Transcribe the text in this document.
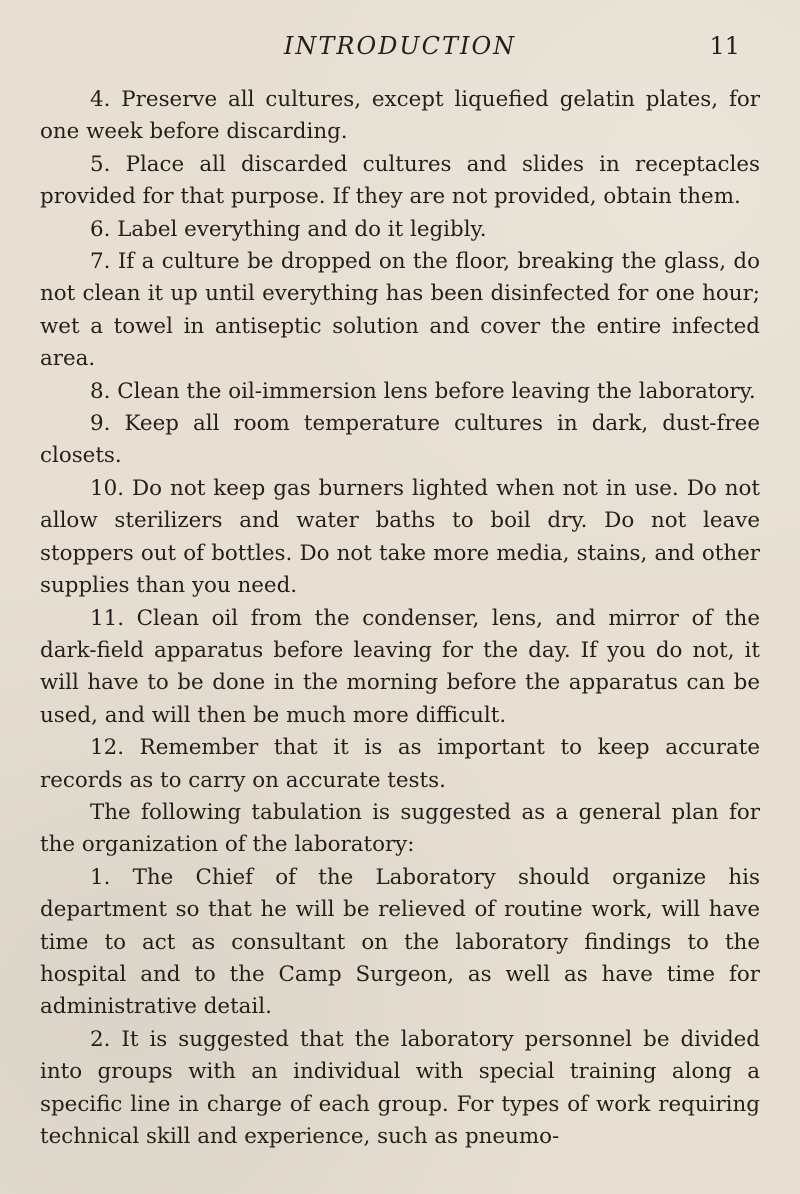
INTRODUCTION	11

4. Preserve all cultures, except liquefied gelatin plates, for one week before discarding.

5. Place all discarded cultures and slides in receptacles provided for that purpose. If they are not provided, obtain them.

6. Label everything and do it legibly.

7. If a culture be dropped on the floor, breaking the glass, do not clean it up until everything has been disinfected for one hour; wet a towel in antiseptic solution and cover the entire infected area.

8. Clean the oil-immersion lens before leaving the laboratory.

9. Keep all room temperature cultures in dark, dust-free closets.

10. Do not keep gas burners lighted when not in use. Do not allow sterilizers and water baths to boil dry. Do not leave stoppers out of bottles. Do not take more media, stains, and other supplies than you need.

11. Clean oil from the condenser, lens, and mirror of the dark-field apparatus before leaving for the day. If you do not, it will have to be done in the morning before the apparatus can be used, and will then be much more difficult.

12. Remember that it is as important to keep accurate records as to carry on accurate tests.

The following tabulation is suggested as a general plan for the organization of the laboratory:

1. The Chief of the Laboratory should organize his department so that he will be relieved of routine work, will have time to act as consultant on the laboratory findings to the hospital and to the Camp Surgeon, as well as have time for administrative detail.

2. It is suggested that the laboratory personnel be divided into groups with an individual with special training along a specific line in charge of each group. For types of work requiring technical skill and experience, such as pneumo-
